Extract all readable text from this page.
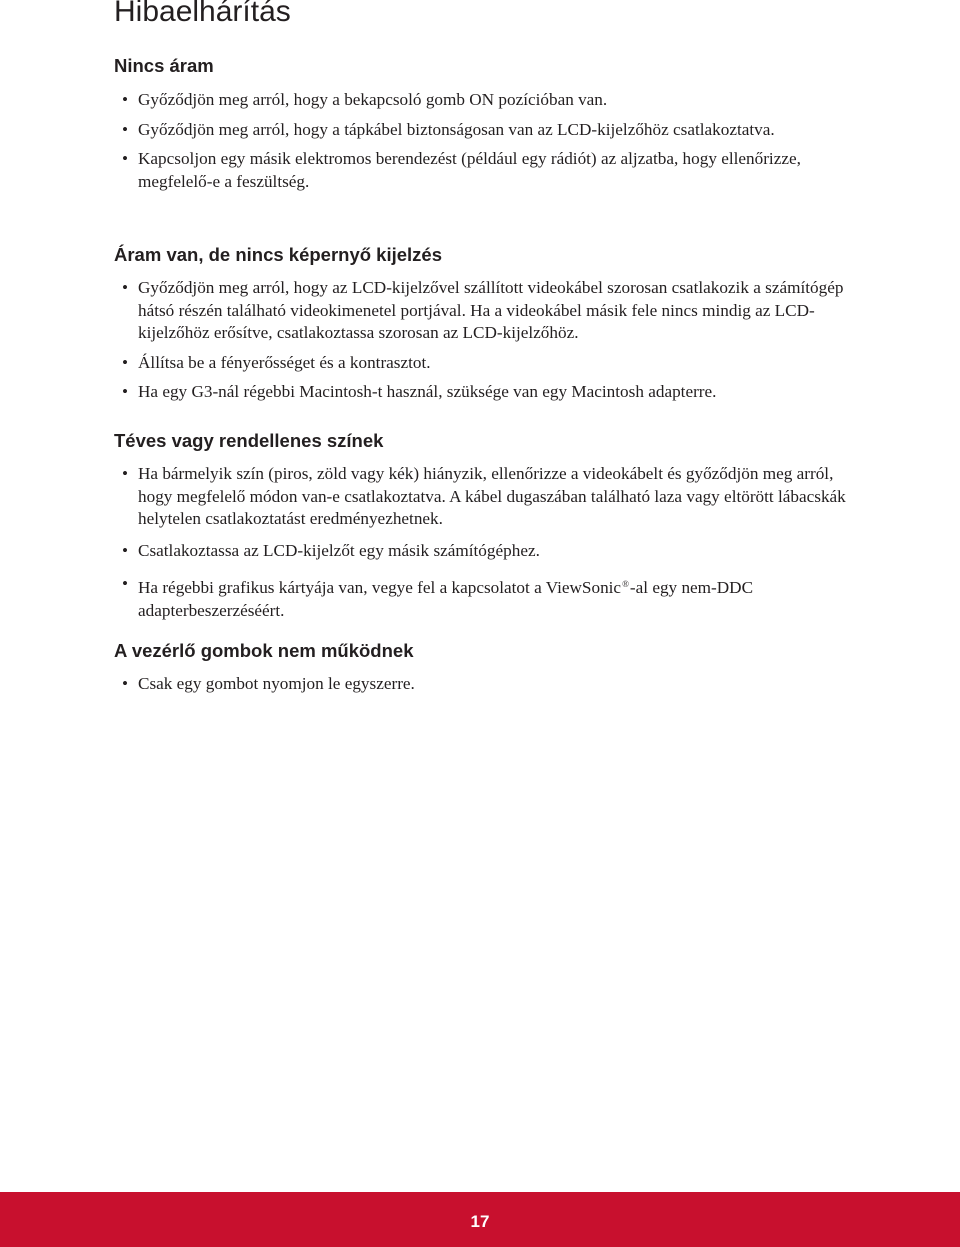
Hibaelhárítás
Nincs áram
• Győződjön meg arról, hogy a bekapcsoló gomb ON pozícióban van.
• Győződjön meg arról, hogy a tápkábel biztonságosan van az LCD-kijelzőhöz csatlakoztatva.
• Kapcsoljon egy másik elektromos berendezést (például egy rádiót) az aljzatba, hogy ellenőrizze, megfelelő-e a feszültség.
Áram van, de nincs képernyő kijelzés
• Győződjön meg arról, hogy az LCD-kijelzővel szállított videokábel szorosan csatlakozik a számítógép hátsó részén található videokimenetel portjával. Ha a videokábel másik fele nincs mindig az LCD-kijelzőhöz erősítve, csatlakoztassa szorosan az LCD-kijelzőhöz.
• Állítsa be a fényerősséget és a kontrasztot.
• Ha egy G3-nál régebbi Macintosh-t használ, szüksége van egy Macintosh adapterre.
Téves vagy rendellenes színek
• Ha bármelyik szín (piros, zöld vagy kék) hiányzik, ellenőrizze a videokábelt és győződjön meg arról, hogy megfelelő módon van-e csatlakoztatva. A kábel dugaszában található laza vagy eltörött lábacskák helytelen csatlakoztatást eredményezhetnek.
• Csatlakoztassa az LCD-kijelzőt egy másik számítógéphez.
• Ha régebbi grafikus kártyája van, vegye fel a kapcsolatot a ViewSonic®-al egy nem-DDC adapterbeszerzéséért.
A vezérlő gombok nem működnek
• Csak egy gombot nyomjon le egyszerre.
17
